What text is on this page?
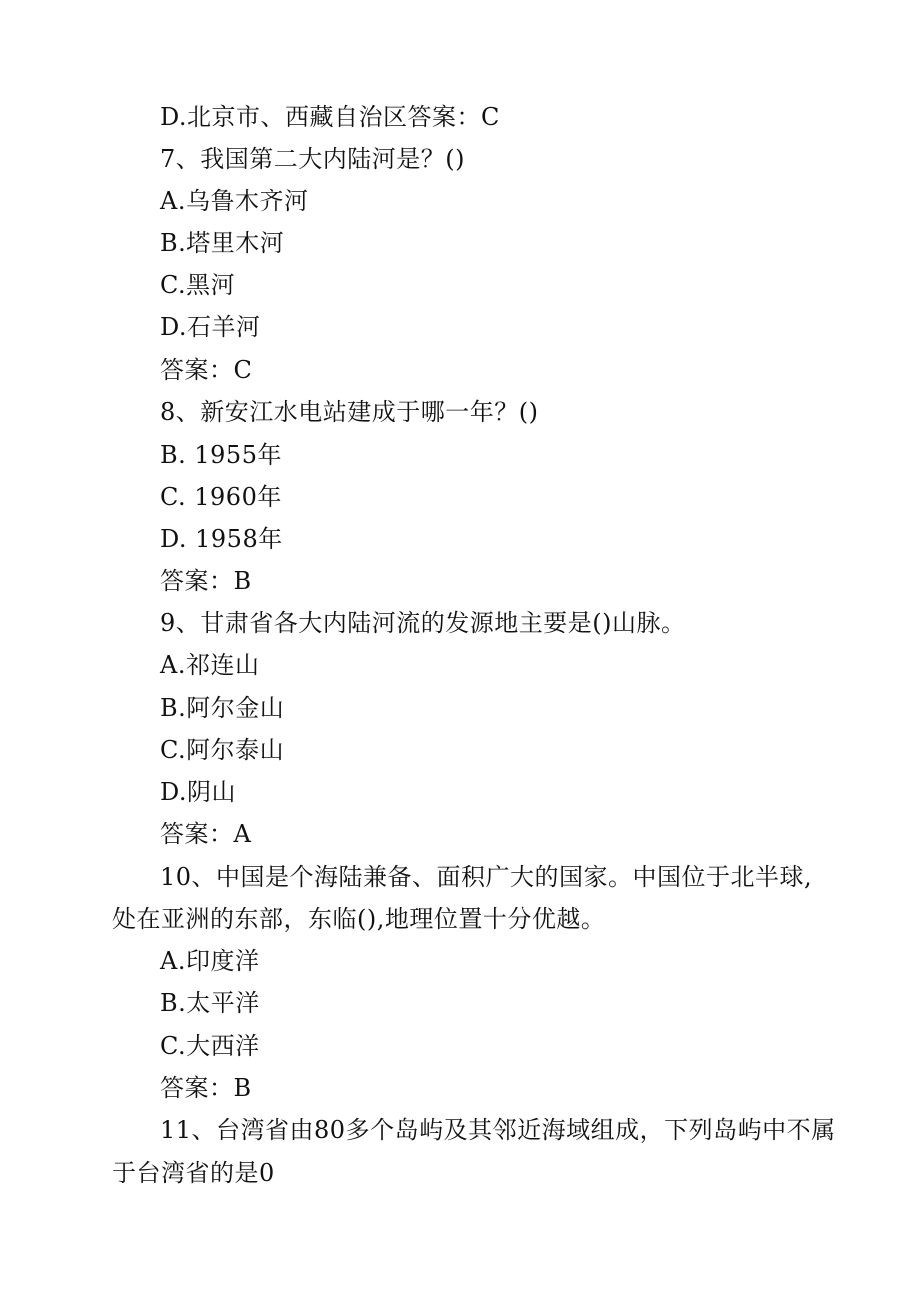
D.北京市、西藏自治区答案：C
7、我国第二大内陆河是？()
A.乌鲁木齐河
B.塔里木河
C.黑河
D.石羊河
答案：C
8、新安江水电站建成于哪一年？()
B. 1955年
C. 1960年
D. 1958年
答案：B
9、甘肃省各大内陆河流的发源地主要是()山脉。
A.祁连山
B.阿尔金山
C.阿尔泰山
D.阴山
答案：A
10、中国是个海陆兼备、面积广大的国家。中国位于北半球,
处在亚洲的东部，东临(),地理位置十分优越。
A.印度洋
B.太平洋
C.大西洋
答案：B
11、台湾省由80多个岛屿及其邻近海域组成，下列岛屿中不属
于台湾省的是0
